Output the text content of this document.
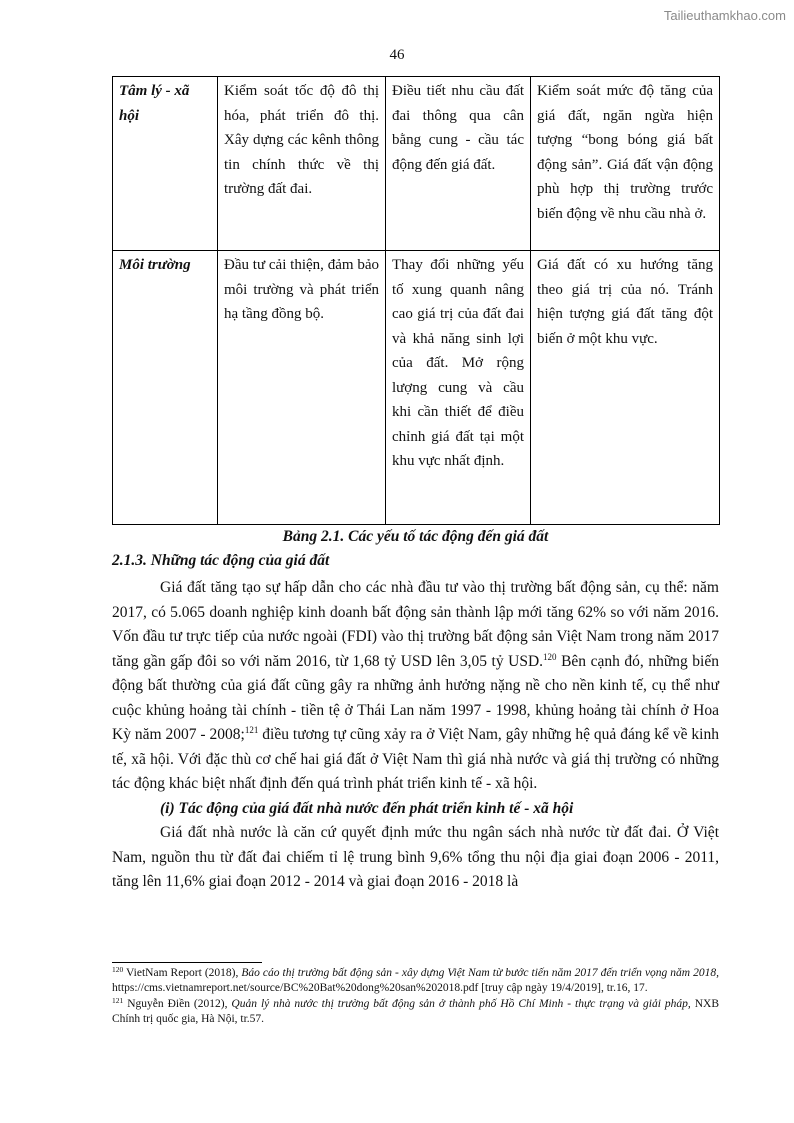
Tailieuthamkhao.com
46
Tâm lý - xã hội	Kiểm soát tốc độ đô thị hóa, phát triển đô thị. Xây dựng các kênh thông tin chính thức về thị trường đất đai.	Điều tiết nhu cầu đất đai thông qua cân bằng cung - cầu tác động đến giá đất.	Kiểm soát mức độ tăng của giá đất, ngăn ngừa hiện tượng “bong bóng giá bất động sản”. Giá đất vận động phù hợp thị trường trước biến động về nhu cầu nhà ở.
Môi trường	Đầu tư cải thiện, đảm bảo môi trường và phát triển hạ tầng đồng bộ.	Thay đổi những yếu tố xung quanh nâng cao giá trị của đất đai và khả năng sinh lợi của đất. Mở rộng lượng cung và cầu khi cần thiết để điều chỉnh giá đất tại một khu vực nhất định.	Giá đất có xu hướng tăng theo giá trị của nó. Tránh hiện tượng giá đất tăng đột biến ở một khu vực.
Bảng 2.1. Các yếu tố tác động đến giá đất
2.1.3. Những tác động của giá đất

Giá đất tăng tạo sự hấp dẫn cho các nhà đầu tư vào thị trường bất động sản, cụ thể: năm 2017, có 5.065 doanh nghiệp kinh doanh bất động sản thành lập mới tăng 62% so với năm 2016. Vốn đầu tư trực tiếp của nước ngoài (FDI) vào thị trường bất động sản Việt Nam trong năm 2017 tăng gần gấp đôi so với năm 2016, từ 1,68 tỷ USD lên 3,05 tỷ USD.$^{120}$ Bên cạnh đó, những biến động bất thường của giá đất cũng gây ra những ảnh hưởng nặng nề cho nền kinh tế, cụ thể như cuộc khủng hoảng tài chính - tiền tệ ở Thái Lan năm 1997 - 1998, khủng hoảng tài chính ở Hoa Kỳ năm 2007 - 2008;$^{121}$ điều tương tự cũng xảy ra ở Việt Nam, gây những hệ quả đáng kể về kinh tế, xã hội. Với đặc thù cơ chế hai giá đất ở Việt Nam thì giá nhà nước và giá thị trường có những tác động khác biệt nhất định đến quá trình phát triển kinh tế - xã hội.

(i) Tác động của giá đất nhà nước đến phát triển kinh tế - xã hội

Giá đất nhà nước là căn cứ quyết định mức thu ngân sách nhà nước từ đất đai. Ở Việt Nam, nguồn thu từ đất đai chiếm tỉ lệ trung bình 9,6% tổng thu nội địa giai đoạn 2006 - 2011, tăng lên 11,6% giai đoạn 2012 - 2014 và giai đoạn 2016 - 2018 là

$^{120}$ VietNam Report (2018), Báo cáo thị trường bất động sản - xây dựng Việt Nam từ bước tiến năm 2017 đến triển vọng năm 2018, https://cms.vietnamreport.net/source/BC%20Bat%20dong%20san%202018.pdf [truy cập ngày 19/4/2019], tr.16, 17.

$^{121}$ Nguyễn Điền (2012), Quản lý nhà nước thị trường bất động sản ở thành phố Hồ Chí Minh - thực trạng và giải pháp, NXB Chính trị quốc gia, Hà Nội, tr.57.
